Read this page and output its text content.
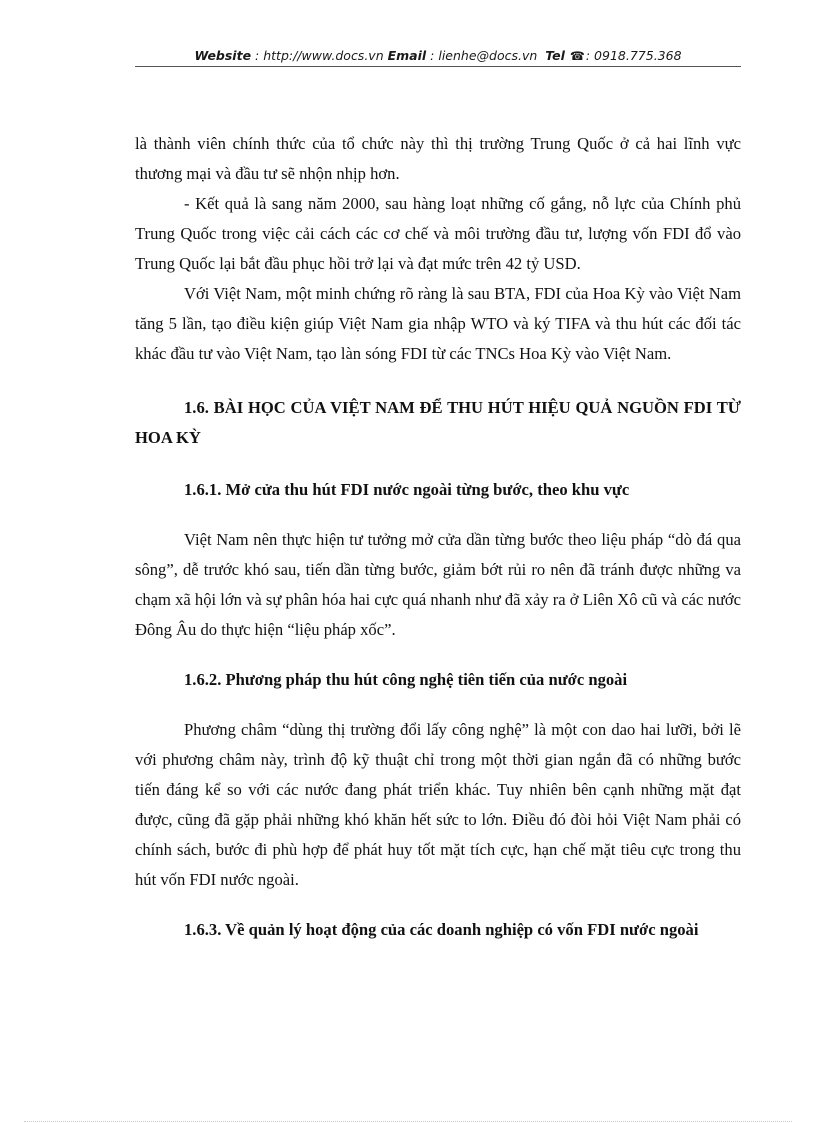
Website : http://www.docs.vn Email : lienhe@docs.vn Tel ☎: 0918.775.368

là thành viên chính thức của tổ chức này thì thị trường Trung Quốc ở cả hai lĩnh vực thương mại và đầu tư sẽ nhộn nhịp hơn.

- Kết quả là sang năm 2000, sau hàng loạt những cố gắng, nỗ lực của Chính phủ Trung Quốc trong việc cải cách các cơ chế và môi trường đầu tư, lượng vốn FDI đổ vào Trung Quốc lại bắt đầu phục hồi trở lại và đạt mức trên 42 tỷ USD.

Với Việt Nam, một minh chứng rõ ràng là sau BTA, FDI của Hoa Kỳ vào Việt Nam tăng 5 lần, tạo điều kiện giúp Việt Nam gia nhập WTO và ký TIFA và thu hút các đối tác khác đầu tư vào Việt Nam, tạo làn sóng FDI từ các TNCs Hoa Kỳ vào Việt Nam.

1.6. BÀI HỌC CỦA VIỆT NAM ĐỂ THU HÚT HIỆU QUẢ NGUỒN FDI TỪ HOA KỲ

1.6.1. Mở cửa thu hút FDI nước ngoài từng bước, theo khu vực

Việt Nam nên thực hiện tư tưởng mở cửa dần từng bước theo liệu pháp “dò đá qua sông”, dễ trước khó sau, tiến dần từng bước, giảm bớt rủi ro nên đã tránh được những va chạm xã hội lớn và sự phân hóa hai cực quá nhanh như đã xảy ra ở Liên Xô cũ và các nước Đông Âu do thực hiện “liệu pháp xốc”.

1.6.2. Phương pháp thu hút công nghệ tiên tiến của nước ngoài

Phương châm “dùng thị trường đổi lấy công nghệ” là một con dao hai lưỡi, bởi lẽ với phương châm này, trình độ kỹ thuật chỉ trong một thời gian ngắn đã có những bước tiến đáng kể so với các nước đang phát triển khác. Tuy nhiên bên cạnh những mặt đạt được, cũng đã gặp phải những khó khăn hết sức to lớn. Điều đó đòi hỏi Việt Nam phải có chính sách, bước đi phù hợp để phát huy tốt mặt tích cực, hạn chế mặt tiêu cực trong thu hút vốn FDI nước ngoài.

1.6.3. Về quản lý hoạt động của các doanh nghiệp có vốn FDI nước ngoài
